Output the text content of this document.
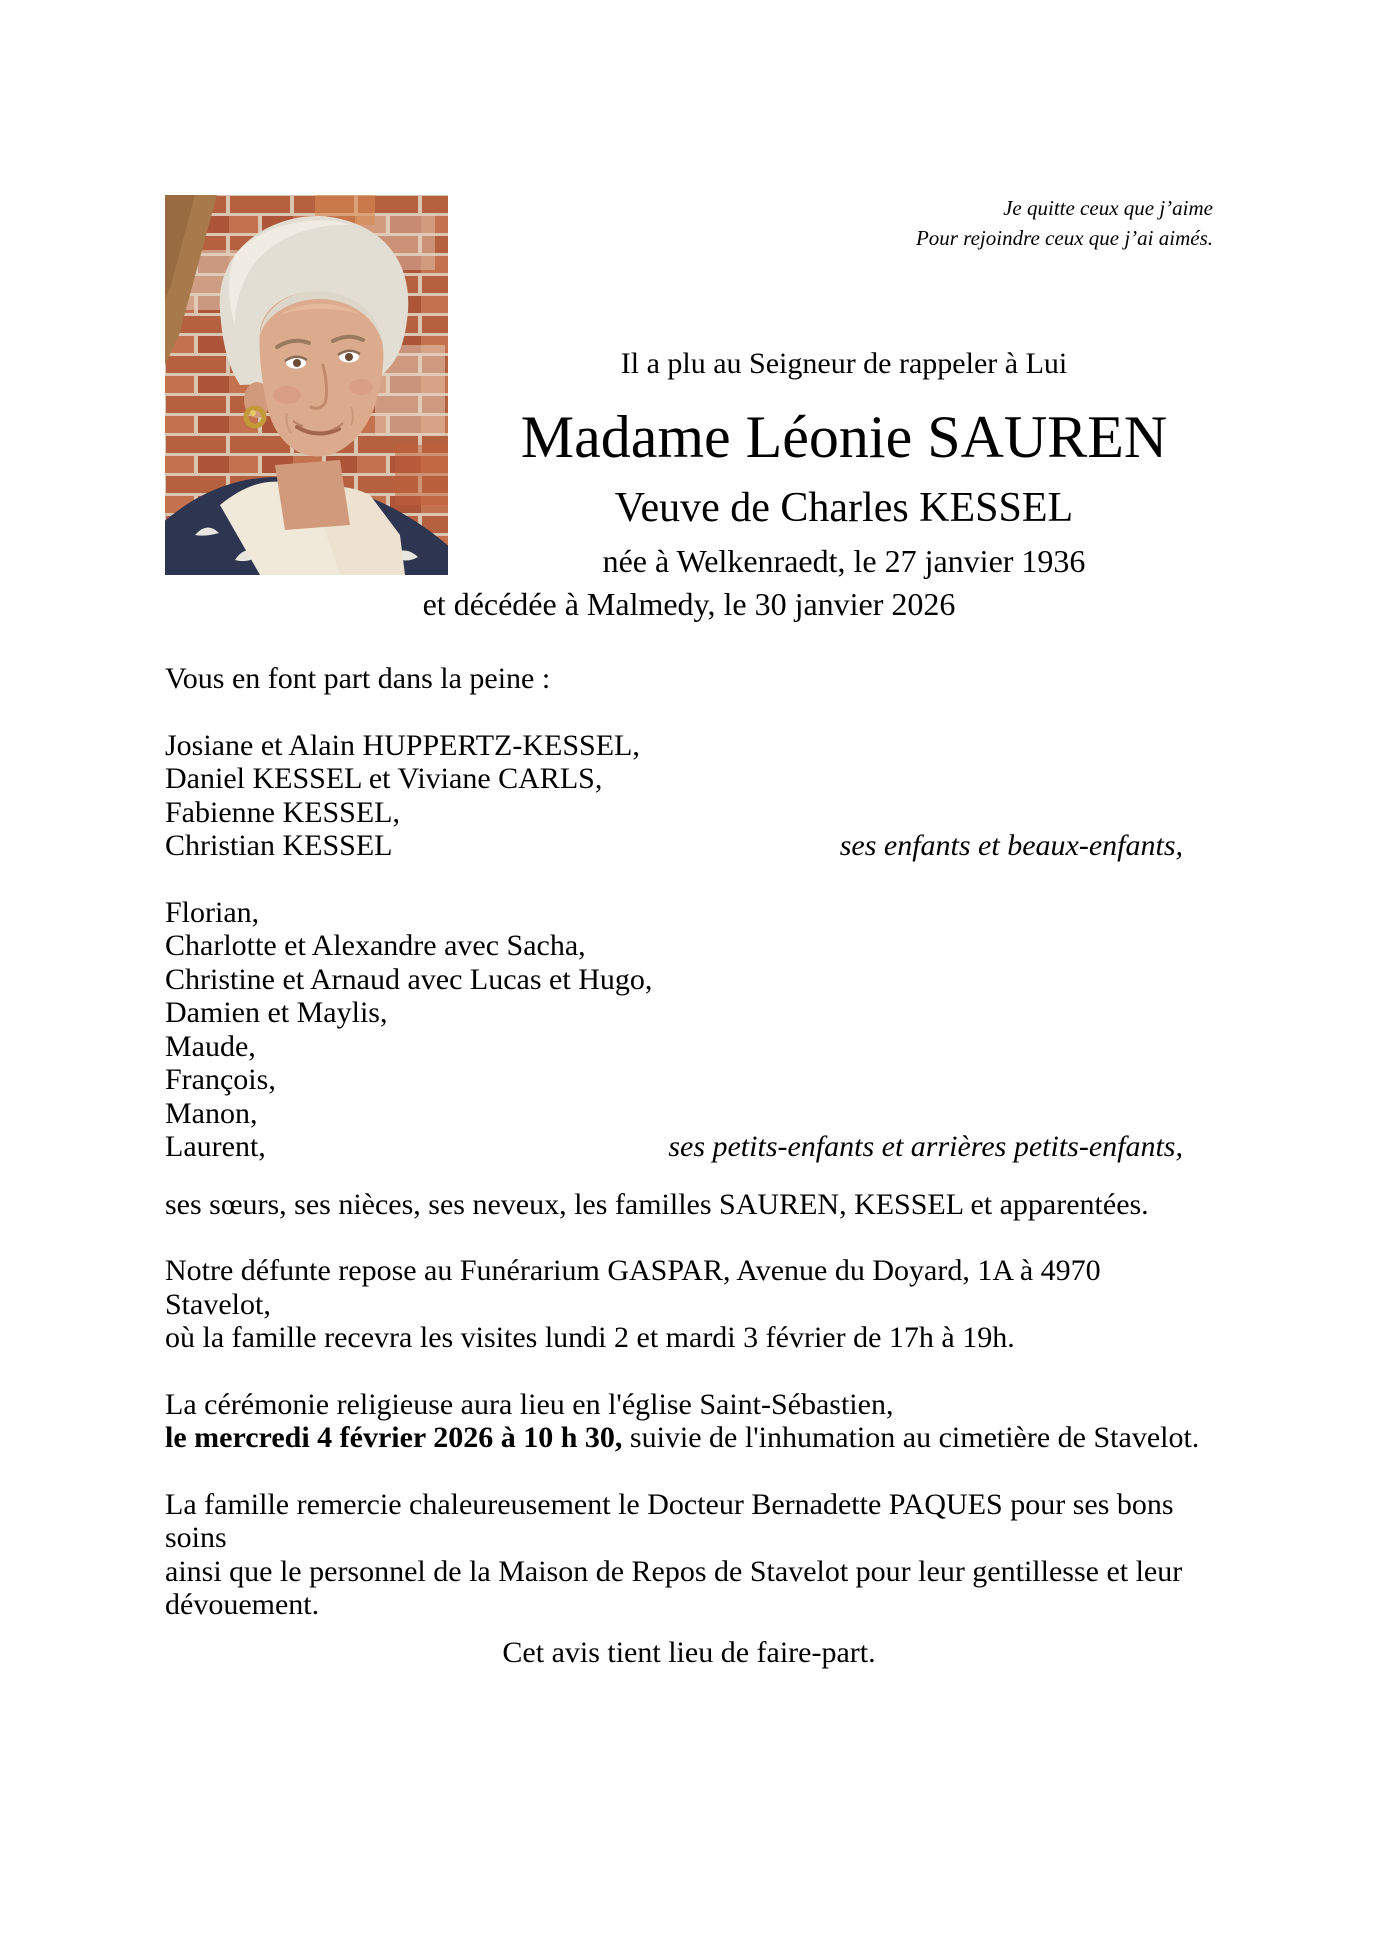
Je quitte ceux que j’aime
Pour rejoindre ceux que j’ai aimés.

Il a plu au Seigneur de rappeler à Lui

Madame Léonie SAUREN

Veuve de Charles KESSEL

née à Welkenraedt, le 27 janvier 1936

et décédée à Malmedy, le 30 janvier 2026
Vous en font part dans la peine :
Josiane et Alain HUPPERTZ-KESSEL,
Daniel KESSEL et Viviane CARLS,
Fabienne KESSEL,
Christian KESSEL	ses enfants et beaux-enfants,
Florian,
Charlotte et Alexandre avec Sacha,
Christine et Arnaud avec Lucas et Hugo,
Damien et Maylis,
Maude,
François,
Manon,
Laurent,	ses petits-enfants et arrières petits-enfants,
ses sœurs, ses nièces, ses neveux, les familles SAUREN, KESSEL et apparentées.
Notre défunte repose au Funérarium GASPAR, Avenue du Doyard, 1A à 4970 Stavelot,
où la famille recevra les visites lundi 2 et mardi 3 février de 17h à 19h.
La cérémonie religieuse aura lieu en l'église Saint-Sébastien,
le mercredi 4 février 2026 à 10 h 30, suivie de l'inhumation au cimetière de Stavelot.
La famille remercie chaleureusement le Docteur Bernadette PAQUES pour ses bons soins
ainsi que le personnel de la Maison de Repos de Stavelot pour leur gentillesse et leur
dévouement.
Cet avis tient lieu de faire-part.
